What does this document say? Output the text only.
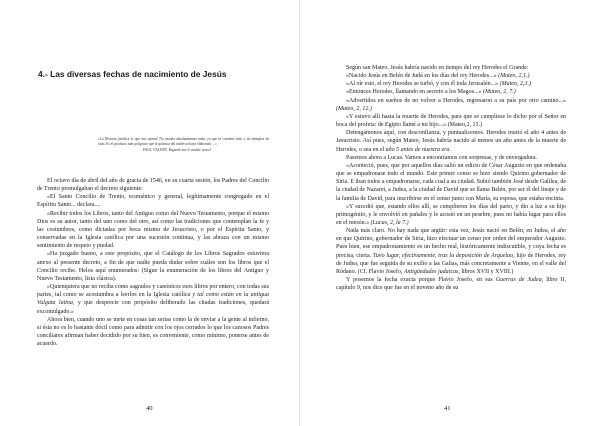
4.- Las diversas fechas de nacimiento de Jesús

«La Historia justifica lo que uno quiera! No enseña absolutamente nada, ya que lo contiene todo y da ejemplos de todo. Es el producto más peligroso que la química del intelecto haya elaborado ...»

PAUL VALERY, Regards sur le monde actuel

El octavo día de abril del año de gracia de 1546, en su cuarta sesión, los Padres del Concilio de Trento promulgaban el decreto siguiente:

«El Santo Concilio de Trento, ecuménico y general, legítimamente congregado en el Espíritu Santo... declara....

»Recibir todos los Libros, tanto del Antiguo como del Nuevo Testamento, porque el mismo Dios es su autor, tanto del uno como del otro, así como las tradiciones que contemplan la fe y las costumbres, como dictadas por boca mismo de Jesucristo, o por el Espíritu Santo, y conservadas en la Iglesia católica por una sucesión continua, y las abraza con un mismo sentimiento de respeto y piedad.

»Ha juzgado bueno, a este propósito, que el Catálogo de los Libros Sagrados estuviera anexo al presente decreto, a fin de que nadie pueda dudar sobre cuáles son los libros que el Concilio recibe. Helos aquí enumerados: (Sigue la enumeración de los libros del Antiguo y Nuevo Testamento, lista clásica).

»Quienquiera que no reciba como sagrados y canónicos esos libros por entero, con todas sus partes, tal como se acostumbra a leerlos en la Iglesia católica y tal como están en la antigua Vulgata latina, y que desprecie con propósito deliberado las citadas tradiciones, quedará excomulgado.»

Ahora bien, cuando uno se mete en cosas tan serias como la de enviar a la gente al infierno, si ésta no es lo bastante dócil como para admitir con los ojos cerrados lo que los canosos Padres conciliares afirman haber decidido por su bien, es conveniente, como mínimo, ponerse antes de acuerdo.

40

Según san Mateo, Jesús habría nacido en tiempo del rey Herodes el Grande:

«Nacido Jesús en Belén de Judá en los días del rey Herodes...» (Mateo, 2,1.)

«Al oír esto, el rey Herodes se turbó, y con él toda Jerusalén...» (Mateo, 2,3.)

«Entonces Herodes, llamando en secreto a los Magos...» (Mateo, 2, 7.)

«Advertidos en sueños de no volver a Herodes, regresaron a su país por otro camino...» (Mateo, 2, 12.)

«Y estuvo allí hasta la muerte de Herodes, para que se cumpliese lo dicho por el Señor en boca del profeta: de Egipto llamé a mi hijo...» (Mateo,2, 15.)

Detengámonos aquí, con desconfianza, y puntualicemos. Herodes murió el año 4 antes de Jesucristo. Así pues, según Mateo, Jesús habría nacido al menos un año antes de la muerte de Herodes, o sea en el año 5 antes de nuestra era.

Pasemos ahora a Lucas. Vamos a encontramos con sorpresas, y de envergadura.

«Aconteció, pues, que por aquellos días salió un edicto de César Augusto en que ordenaba que se empadronase todo el mundo. Este primer censo se hizo siendo Quirino gobernador de Siria. E iban todos a empadronarse, cada cual a su ciudad. Subió también José desde Galilea, de la ciudad de Nazaret, a Judea, a la ciudad de David que se llama Belén, por ser él del linaje y de la familia de David, para inscribirse en el censo junto con María, su esposa, que estaba encinta.

»Y sucedió que, estando ellos allí, se cumplieron los días del parto, y dio a luz a su hijo primogénito, y le envolvió en pañales y le acostó en un pesebre, pues no había lugar para ellos en el mesón.» (Lucas, 2, la 7.)

Nada más claro. No hay nada que argüir: esta vez, Jesús nació en Belén, en Judea, el año en que Quirino, gobernador de Siria, hizo efectuar un censo por orden del emperador Augusto. Pues bien, ese empadronamiento es un hecho real, históricamente indiscutible, y cuya fecha es precisa, cierta. Tuvo lugar, efectivamente, tras la deposición de Arquelao, hijo de Herodes, rey de Judea, que fue seguida de su exilio a las Galias, más concretamente a Vienne, en el valle del Ródano. (Cf. Flavio Josefo, Antigüedades judaicas, libros XVII y XVIII.)

Y posemos la fecha exacta porque Flavio Josefo, en sus Guerras de Judea, libro II, capítulo 9, nos dice que fue en el noveno año de su

41
